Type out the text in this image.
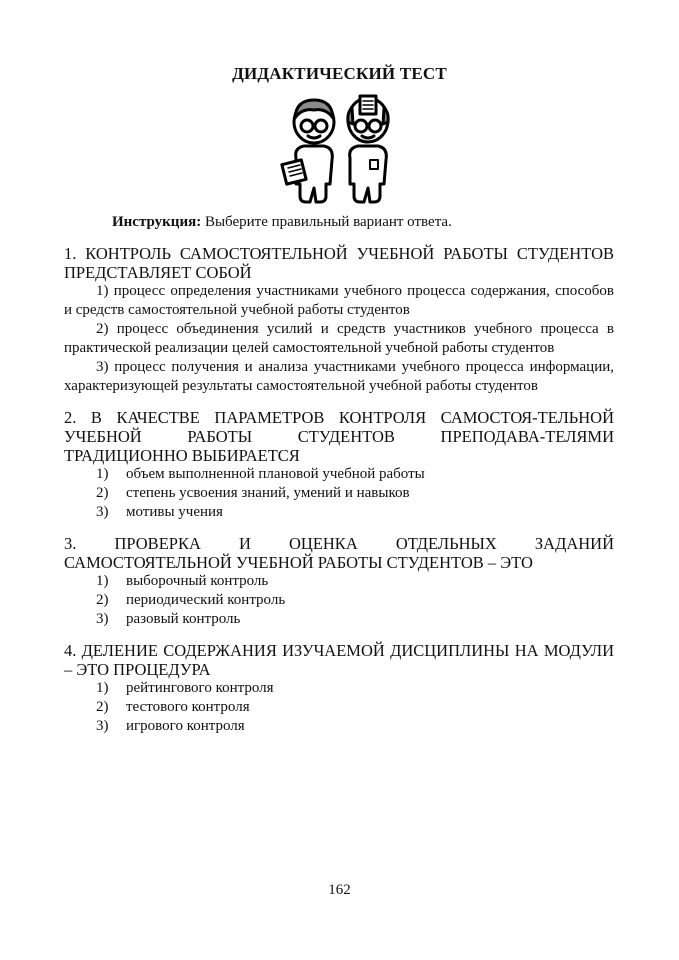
ДИДАКТИЧЕСКИЙ ТЕСТ
Инструкция: Выберите правильный вариант ответа.
1. КОНТРОЛЬ САМОСТОЯТЕЛЬНОЙ УЧЕБНОЙ РАБОТЫ СТУДЕНТОВ ПРЕДСТАВЛЯЕТ СОБОЙ
1) процесс определения участниками учебного процесса содержания, способов и средств самостоятельной учебной работы студентов
2) процесс объединения усилий и средств участников учебного процесса в практической реализации целей самостоятельной учебной работы студентов
3) процесс получения и анализа участниками учебного процесса информации, характеризующей результаты самостоятельной учебной работы студентов
2. В КАЧЕСТВЕ ПАРАМЕТРОВ КОНТРОЛЯ САМОСТОЯ-ТЕЛЬНОЙ УЧЕБНОЙ РАБОТЫ СТУДЕНТОВ ПРЕПОДАВА-ТЕЛЯМИ ТРАДИЦИОННО ВЫБИРАЕТСЯ
1) объем выполненной плановой учебной работы
2) степень усвоения знаний, умений и навыков
3) мотивы учения
3. ПРОВЕРКА И ОЦЕНКА ОТДЕЛЬНЫХ ЗАДАНИЙ САМОСТОЯТЕЛЬНОЙ УЧЕБНОЙ РАБОТЫ СТУДЕНТОВ – ЭТО
1) выборочный контроль
2) периодический контроль
3) разовый контроль
4. ДЕЛЕНИЕ СОДЕРЖАНИЯ ИЗУЧАЕМОЙ ДИСЦИПЛИНЫ НА МОДУЛИ – ЭТО ПРОЦЕДУРА
1) рейтингового контроля
2) тестового контроля
3) игрового контроля
162
